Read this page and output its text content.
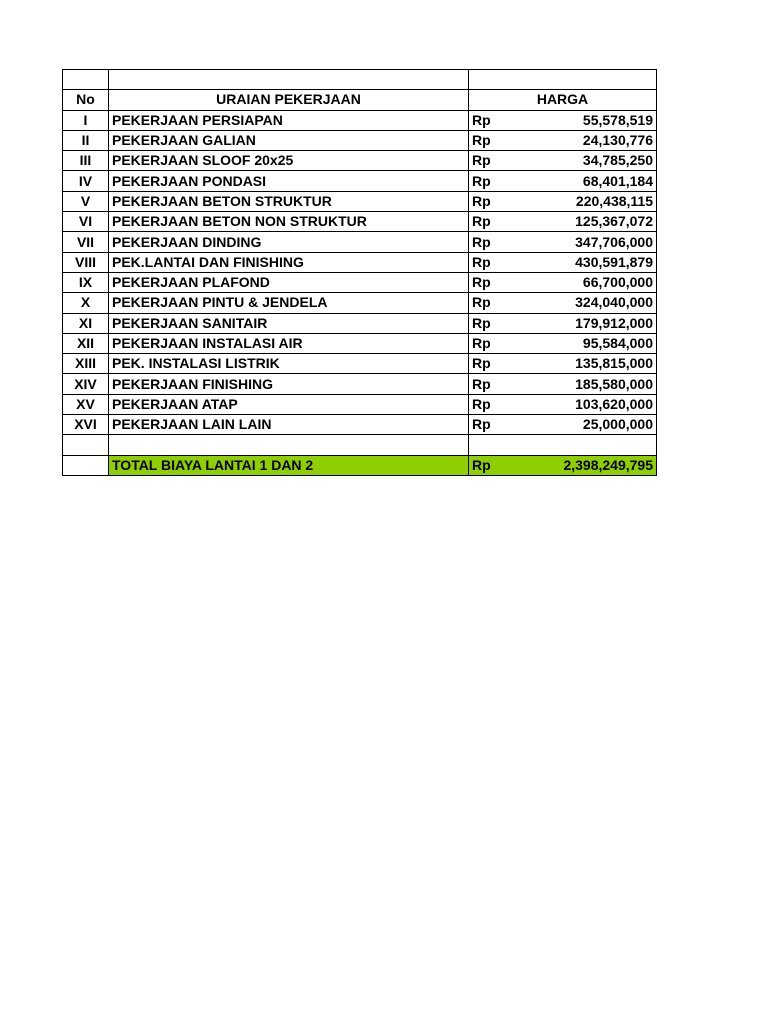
No	URAIAN PEKERJAAN	HARGA	
I	PEKERJAAN PERSIAPAN	Rp	55,578,519
II	PEKERJAAN GALIAN	Rp	24,130,776
III	PEKERJAAN SLOOF 20x25	Rp	34,785,250
IV	PEKERJAAN PONDASI	Rp	68,401,184
V	PEKERJAAN BETON STRUKTUR	Rp	220,438,115
VI	PEKERJAAN BETON NON STRUKTUR	Rp	125,367,072
VII	PEKERJAAN DINDING	Rp	347,706,000
VIII	PEK.LANTAI DAN FINISHING	Rp	430,591,879
IX	PEKERJAAN PLAFOND	Rp	66,700,000
X	PEKERJAAN PINTU & JENDELA	Rp	324,040,000
XI	PEKERJAAN SANITAIR	Rp	179,912,000
XII	PEKERJAAN INSTALASI AIR	Rp	95,584,000
XIII	PEK. INSTALASI LISTRIK	Rp	135,815,000
XIV	PEKERJAAN FINISHING	Rp	185,580,000
XV	PEKERJAAN ATAP	Rp	103,620,000
XVI	PEKERJAAN LAIN LAIN	Rp	25,000,000

	TOTAL BIAYA LANTAI 1 DAN 2	Rp	2,398,249,795
